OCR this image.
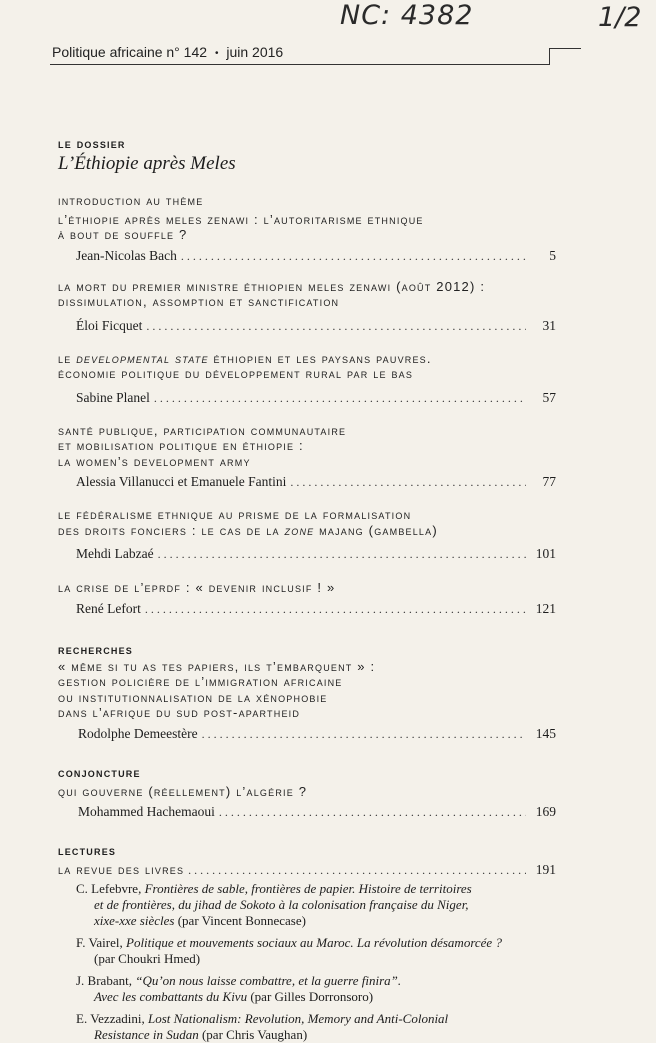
NC: 4382	1/2
Politique africaine n° 142 • juin 2016
le dossier
L’Éthiopie après Meles
introduction au thème
l’éthiopie après meles zenawi : l’autoritarisme ethnique
à bout de souffle ?
Jean-Nicolas Bach . . .	5
la mort du premier ministre éthiopien meles zenawi (août 2012) :
dissimulation, assomption et sanctification
Éloi Ficquet . . .	31
le developmental state éthiopien et les paysans pauvres.
économie politique du développement rural par le bas
Sabine Planel . . .	57
santé publique, participation communautaire
et mobilisation politique en éthiopie :
la women’s development army
Alessia Villanucci et Emanuele Fantini . . .	77
le fédéralisme ethnique au prisme de la formalisation
des droits fonciers : le cas de la zone majang (gambella)
Mehdi Labzaé . . .	101
la crise de l’eprdf : « devenir inclusif ! »
René Lefort . . .	121
recherches
« même si tu as tes papiers, ils t’embarquent » :
gestion policière de l’immigration africaine
ou institutionnalisation de la xénophobie
dans l’afrique du sud post-apartheid
Rodolphe Demeestère . . .	145
conjoncture
qui gouverne (réellement) l’algérie ?
Mohammed Hachemaoui . . .	169
lectures
la revue des livres . . .	191
C. Lefebvre, Frontières de sable, frontières de papier. Histoire de territoires
et de frontières, du jihad de Sokoto à la colonisation française du Niger,
xixe-xxe siècles (par Vincent Bonnecase)
F. Vairel, Politique et mouvements sociaux au Maroc. La révolution désamorcée ?
(par Choukri Hmed)
J. Brabant, “Qu’on nous laisse combattre, et la guerre finira”.
Avec les combattants du Kivu (par Gilles Dorronsoro)
E. Vezzadini, Lost Nationalism: Revolution, Memory and Anti-Colonial
Resistance in Sudan (par Chris Vaughan)
